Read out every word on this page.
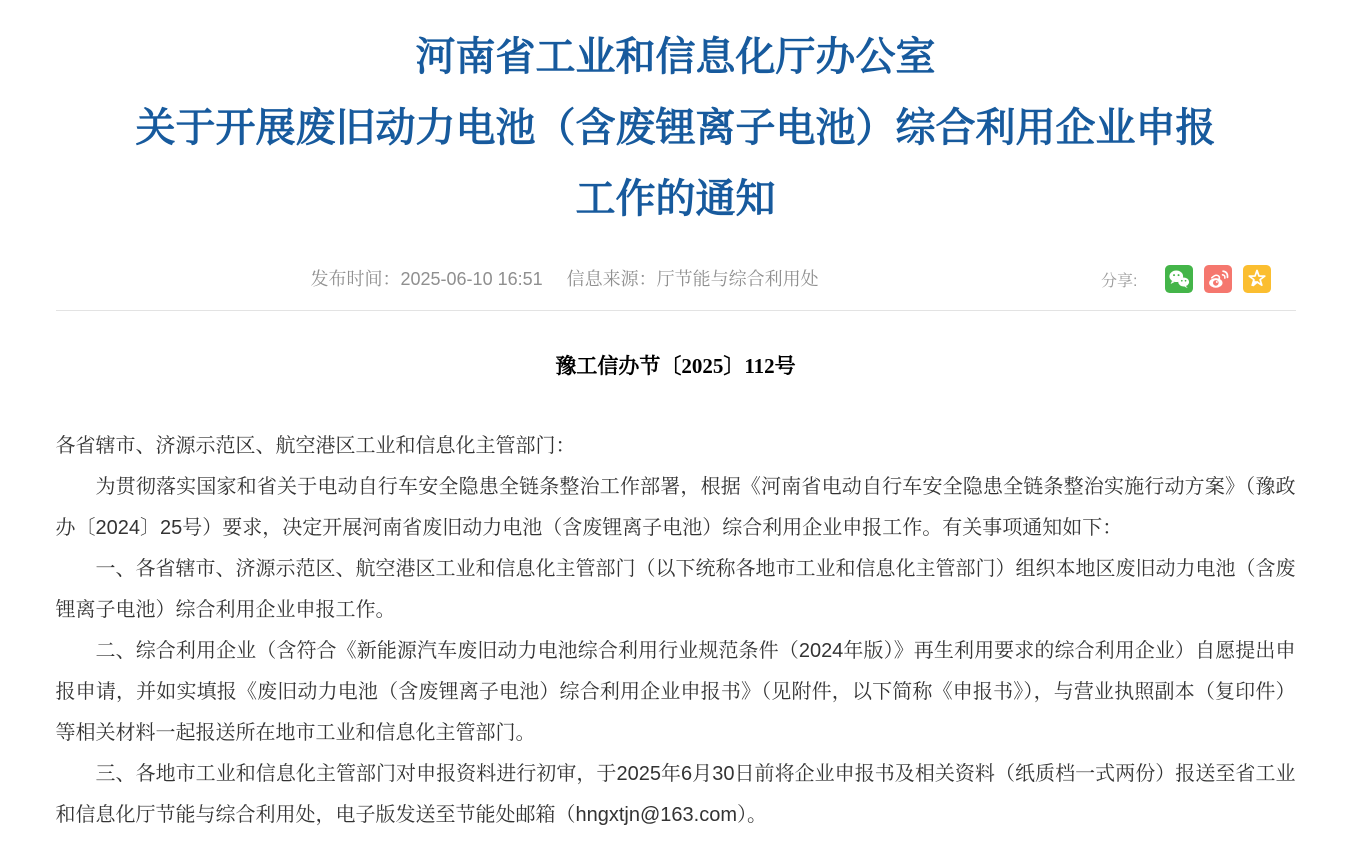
河南省工业和信息化厅办公室
关于开展废旧动力电池（含废锂离子电池）综合利用企业申报
工作的通知
发布时间：2025-06-10 16:51 信息来源：厅节能与综合利用处	分享:
豫工信办节〔2025〕112号

各省辖市、济源示范区、航空港区工业和信息化主管部门：

为贯彻落实国家和省关于电动自行车安全隐患全链条整治工作部署，根据《河南省电动自行车安全隐患全链条整治实施行动方案》（豫政办〔2024〕25号）要求，决定开展河南省废旧动力电池（含废锂离子电池）综合利用企业申报工作。有关事项通知如下：

一、各省辖市、济源示范区、航空港区工业和信息化主管部门（以下统称各地市工业和信息化主管部门）组织本地区废旧动力电池（含废锂离子电池）综合利用企业申报工作。

二、综合利用企业（含符合《新能源汽车废旧动力电池综合利用行业规范条件（2024年版）》再生利用要求的综合利用企业）自愿提出申报申请，并如实填报《废旧动力电池（含废锂离子电池）综合利用企业申报书》（见附件，以下简称《申报书》），与营业执照副本（复印件）等相关材料一起报送所在地市工业和信息化主管部门。

三、各地市工业和信息化主管部门对申报资料进行初审，于2025年6月30日前将企业申报书及相关资料（纸质档一式两份）报送至省工业和信息化厅节能与综合利用处，电子版发送至节能处邮箱（hngxtjn@163.com）。
